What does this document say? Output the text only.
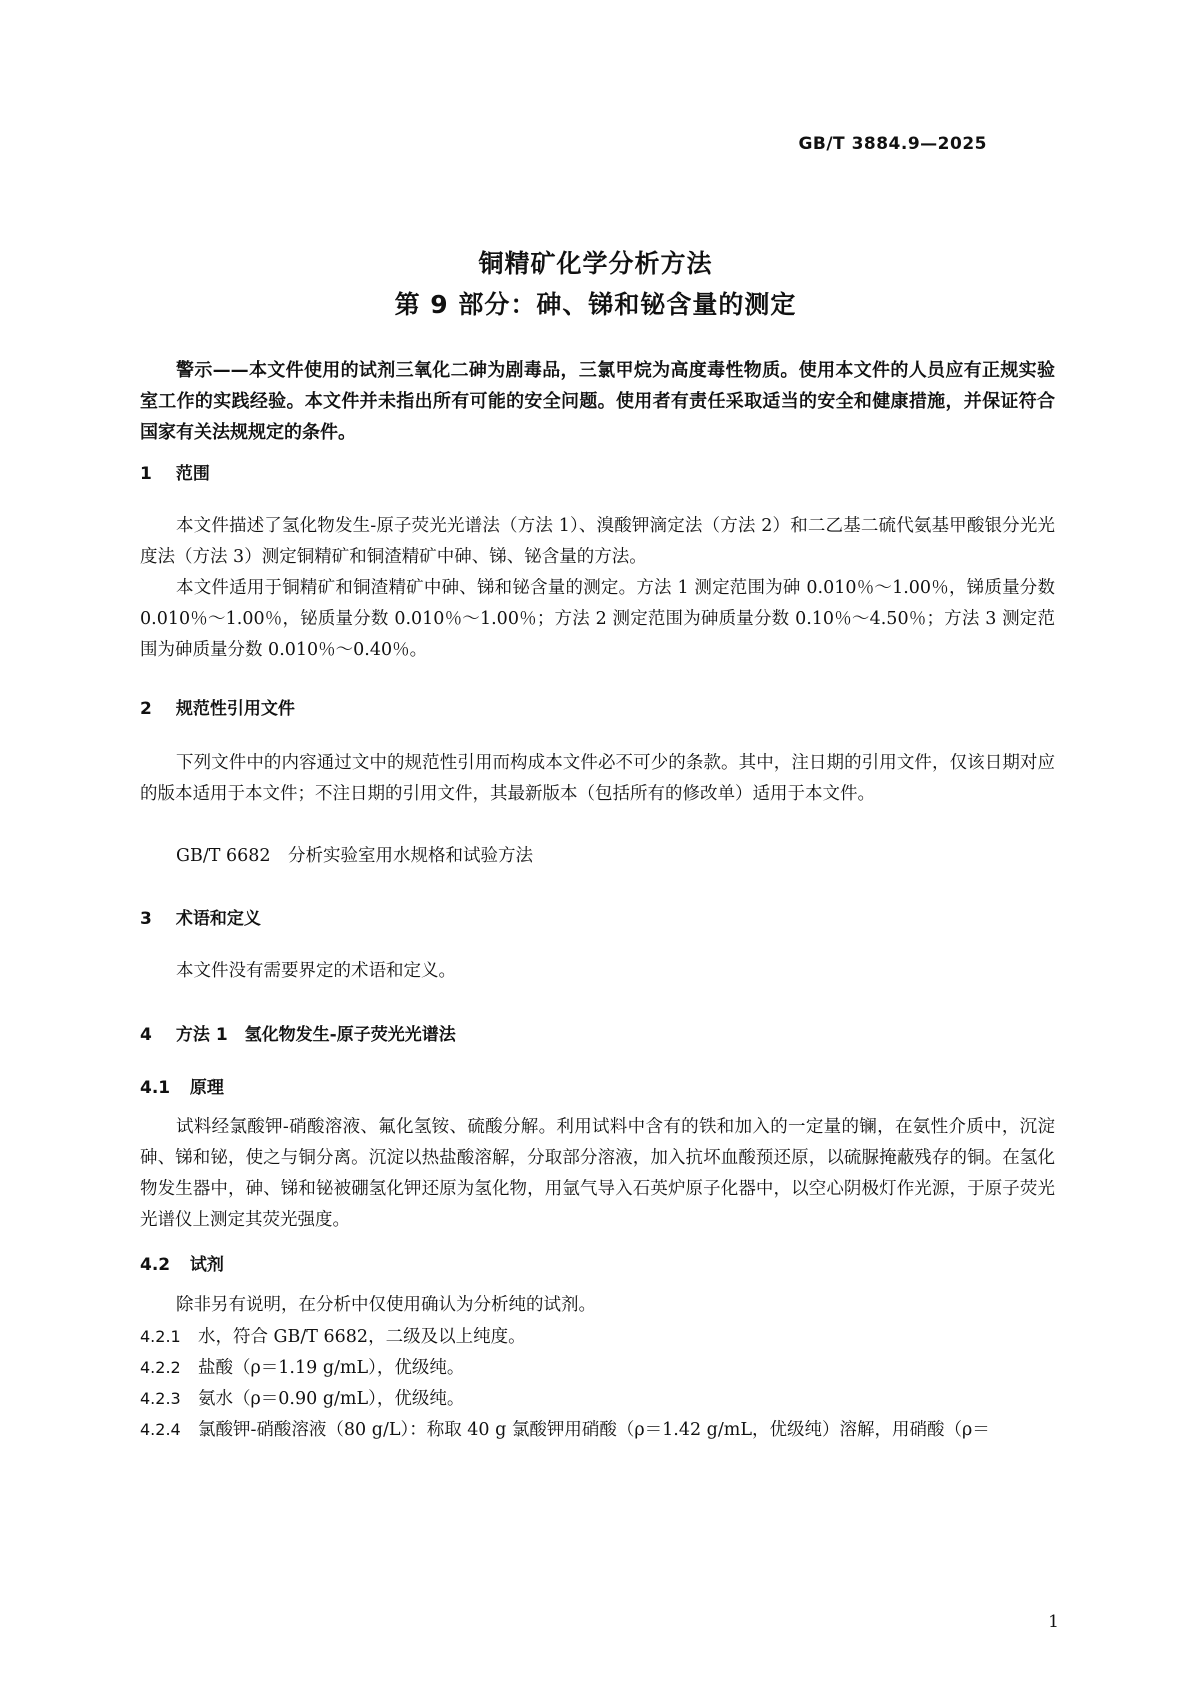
GB/T 3884.9—2025
铜精矿化学分析方法
第 9 部分：砷、锑和铋含量的测定
警示——本文件使用的试剂三氧化二砷为剧毒品，三氯甲烷为高度毒性物质。使用本文件的人员应有正规实验室工作的实践经验。本文件并未指出所有可能的安全问题。使用者有责任采取适当的安全和健康措施，并保证符合国家有关法规规定的条件。
1 范围
本文件描述了氢化物发生-原子荧光光谱法（方法 1）、溴酸钾滴定法（方法 2）和二乙基二硫代氨基甲酸银分光光度法（方法 3）测定铜精矿和铜渣精矿中砷、锑、铋含量的方法。
本文件适用于铜精矿和铜渣精矿中砷、锑和铋含量的测定。方法 1 测定范围为砷 0.010％～1.00％，锑质量分数 0.010％～1.00％，铋质量分数 0.010％～1.00％；方法 2 测定范围为砷质量分数 0.10％～4.50％；方法 3 测定范围为砷质量分数 0.010％～0.40％。
2 规范性引用文件
下列文件中的内容通过文中的规范性引用而构成本文件必不可少的条款。其中，注日期的引用文件，仅该日期对应的版本适用于本文件；不注日期的引用文件，其最新版本（包括所有的修改单）适用于本文件。
GB/T 6682　分析实验室用水规格和试验方法
3 术语和定义
本文件没有需要界定的术语和定义。
4 方法 1　氢化物发生-原子荧光光谱法
4.1 原理
试料经氯酸钾-硝酸溶液、氟化氢铵、硫酸分解。利用试料中含有的铁和加入的一定量的镧，在氨性介质中，沉淀砷、锑和铋，使之与铜分离。沉淀以热盐酸溶解，分取部分溶液，加入抗坏血酸预还原，以硫脲掩蔽残存的铜。在氢化物发生器中，砷、锑和铋被硼氢化钾还原为氢化物，用氩气导入石英炉原子化器中，以空心阴极灯作光源，于原子荧光光谱仪上测定其荧光强度。
4.2 试剂
除非另有说明，在分析中仅使用确认为分析纯的试剂。
4.2.1 水，符合 GB/T 6682，二级及以上纯度。
4.2.2 盐酸（ρ＝1.19 g/mL），优级纯。
4.2.3 氨水（ρ＝0.90 g/mL），优级纯。
4.2.4 氯酸钾-硝酸溶液（80 g/L）：称取 40 g 氯酸钾用硝酸（ρ＝1.42 g/mL，优级纯）溶解，用硝酸（ρ＝
1
